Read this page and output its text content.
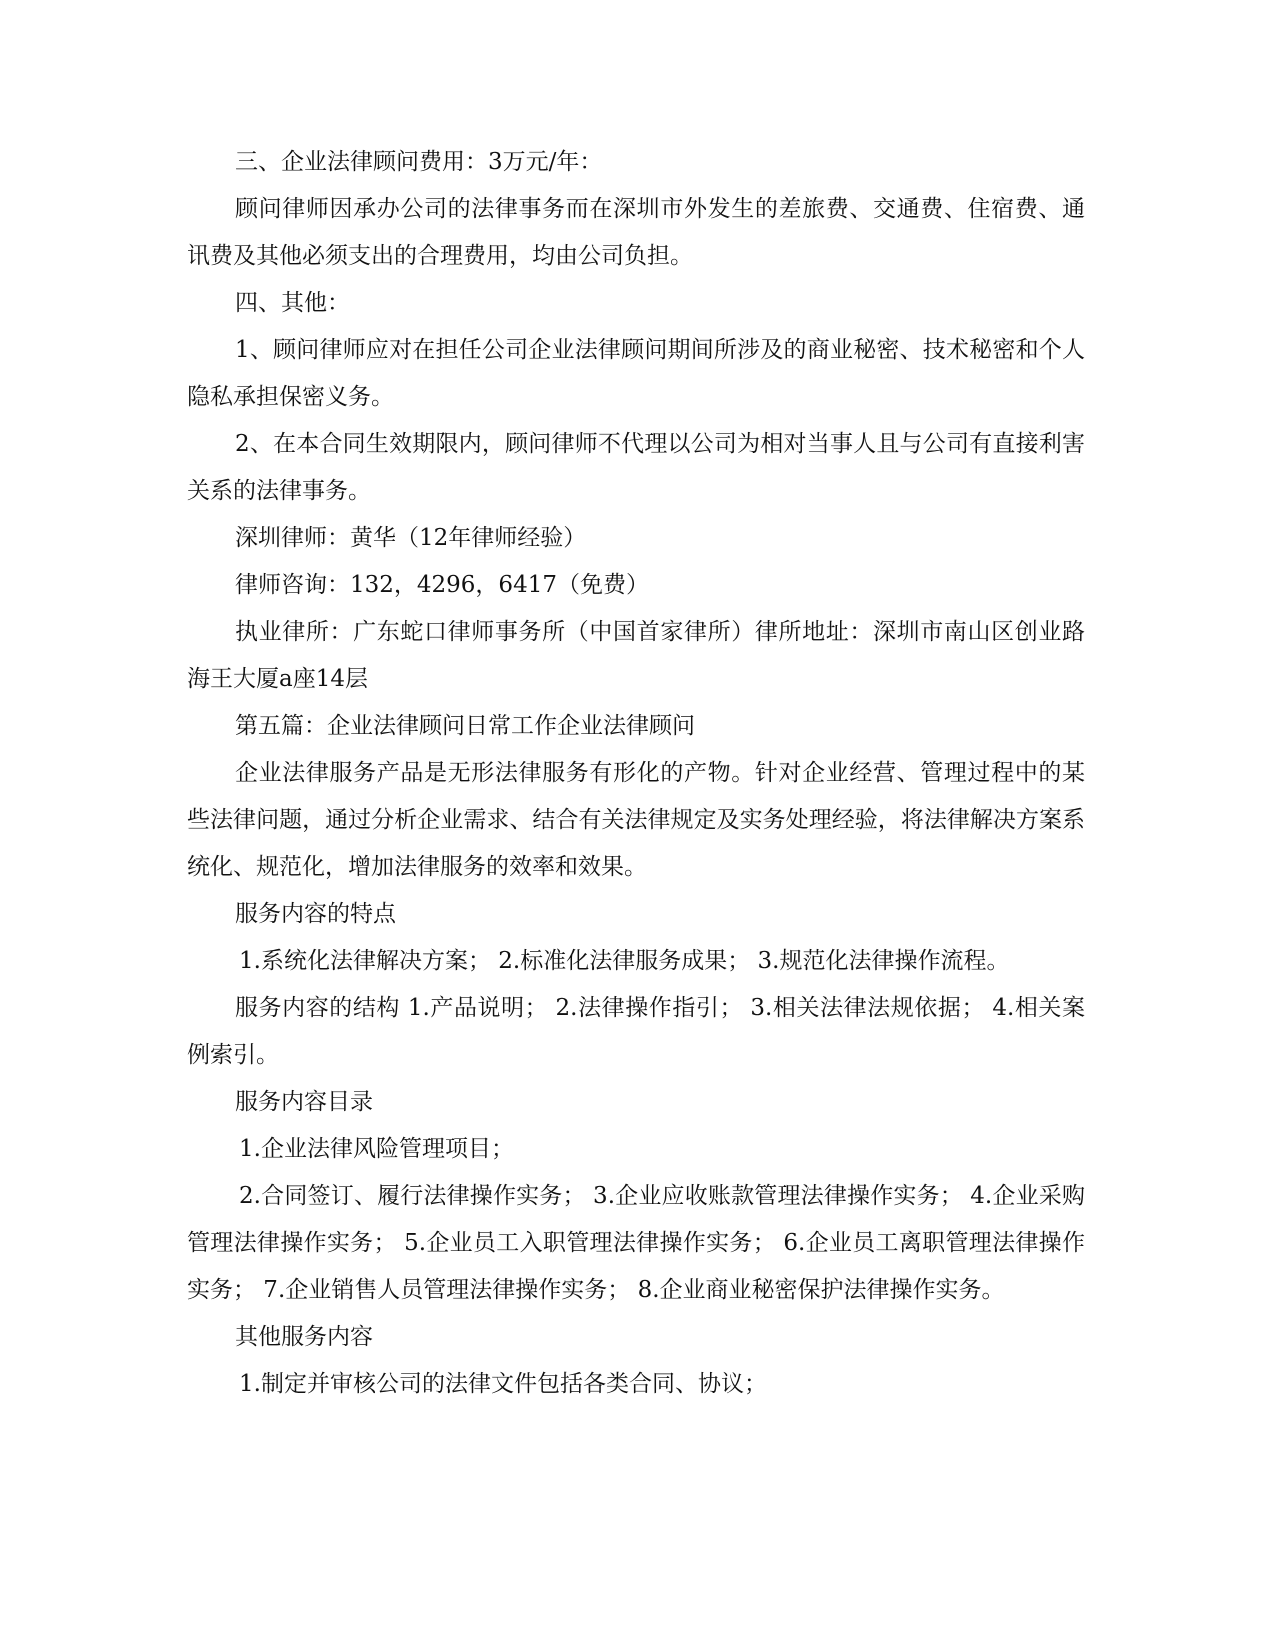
三、企业法律顾问费用：3万元/年：

顾问律师因承办公司的法律事务而在深圳市外发生的差旅费、交通费、住宿费、通讯费及其他必须支出的合理费用，均由公司负担。

四、其他：

1、顾问律师应对在担任公司企业法律顾问期间所涉及的商业秘密、技术秘密和个人隐私承担保密义务。

2、在本合同生效期限内，顾问律师不代理以公司为相对当事人且与公司有直接利害关系的法律事务。

深圳律师：黄华（12年律师经验）

律师咨询：132，4296，6417（免费）

执业律所：广东蛇口律师事务所（中国首家律所）律所地址：深圳市南山区创业路海王大厦a座14层

第五篇：企业法律顾问日常工作企业法律顾问

企业法律服务产品是无形法律服务有形化的产物。针对企业经营、管理过程中的某些法律问题，通过分析企业需求、结合有关法律规定及实务处理经验，将法律解决方案系统化、规范化，增加法律服务的效率和效果。

服务内容的特点

1.系统化法律解决方案； 2.标准化法律服务成果； 3.规范化法律操作流程。

服务内容的结构 1.产品说明； 2.法律操作指引； 3.相关法律法规依据； 4.相关案例索引。

服务内容目录

1.企业法律风险管理项目；

2.合同签订、履行法律操作实务； 3.企业应收账款管理法律操作实务； 4.企业采购管理法律操作实务； 5.企业员工入职管理法律操作实务； 6.企业员工离职管理法律操作实务； 7.企业销售人员管理法律操作实务； 8.企业商业秘密保护法律操作实务。

其他服务内容

1.制定并审核公司的法律文件包括各类合同、协议；
